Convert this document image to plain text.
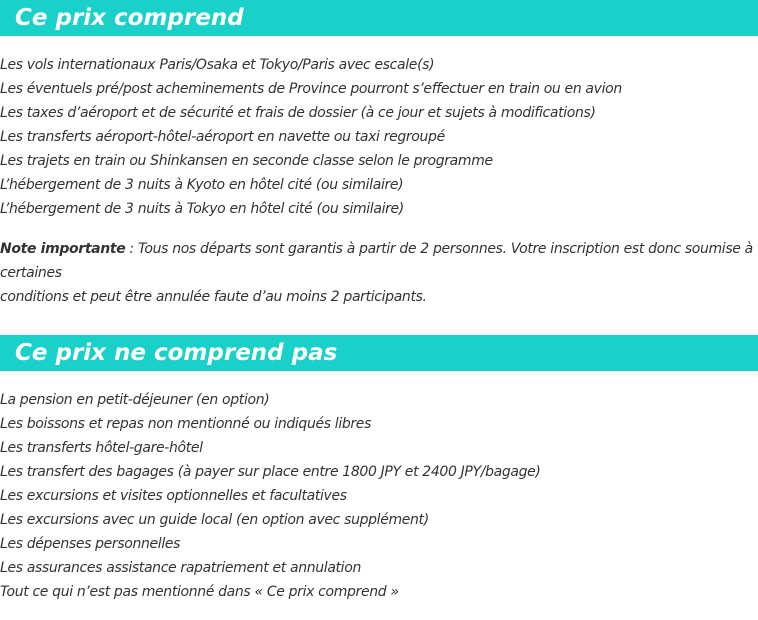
Ce prix comprend
Les vols internationaux Paris/Osaka et Tokyo/Paris avec escale(s)
Les éventuels pré/post acheminements de Province pourront s’effectuer en train ou en avion
Les taxes d’aéroport et de sécurité et frais de dossier (à ce jour et sujets à modifications)
Les transferts aéroport-hôtel-aéroport en navette ou taxi regroupé
Les trajets en train ou Shinkansen en seconde classe selon le programme
L’hébergement de 3 nuits à Kyoto en hôtel cité (ou similaire)
L’hébergement de 3 nuits à Tokyo en hôtel cité (ou similaire)

Note importante : Tous nos départs sont garantis à partir de 2 personnes. Votre inscription est donc soumise à certaines
conditions et peut être annulée faute d’au moins 2 participants.

Ce prix ne comprend pas
La pension en petit-déjeuner (en option)
Les boissons et repas non mentionné ou indiqués libres
Les transferts hôtel-gare-hôtel
Les transfert des bagages (à payer sur place entre 1800 JPY et 2400 JPY/bagage)
Les excursions et visites optionnelles et facultatives
Les excursions avec un guide local (en option avec supplément)
Les dépenses personnelles
Les assurances assistance rapatriement et annulation
Tout ce qui n’est pas mentionné dans « Ce prix comprend »
